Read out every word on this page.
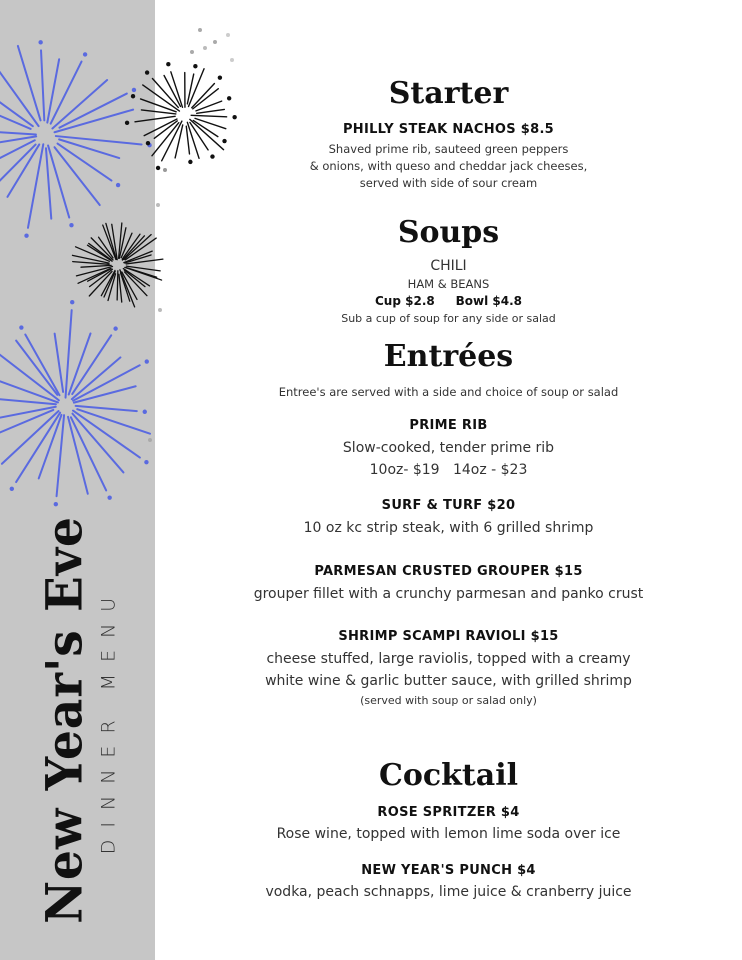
New Year's Eve DINNER MENU
Starter
PHILLY STEAK NACHOS $8.5
Shaved prime rib, sauteed green peppers
& onions, with queso and cheddar jack cheeses,
served with side of sour cream
Soups
CHILI
HAM & BEANS
Cup $2.8     Bowl $4.8
Sub a cup of soup for any side or salad
Entrées
Entree's are served with a side and choice of soup or salad
PRIME RIB
Slow-cooked, tender prime rib
10oz- $19   14oz - $23
SURF & TURF $20
10 oz kc strip steak, with 6 grilled shrimp
PARMESAN CRUSTED GROUPER $15
grouper fillet with a crunchy parmesan and panko crust
SHRIMP SCAMPI RAVIOLI $15
cheese stuffed, large raviolis, topped with a creamy
white wine & garlic butter sauce, with grilled shrimp
(served with soup or salad only)
Cocktail
ROSE SPRITZER $4
Rose wine, topped with lemon lime soda over ice
NEW YEAR'S PUNCH $4
vodka, peach schnapps, lime juice & cranberry juice
